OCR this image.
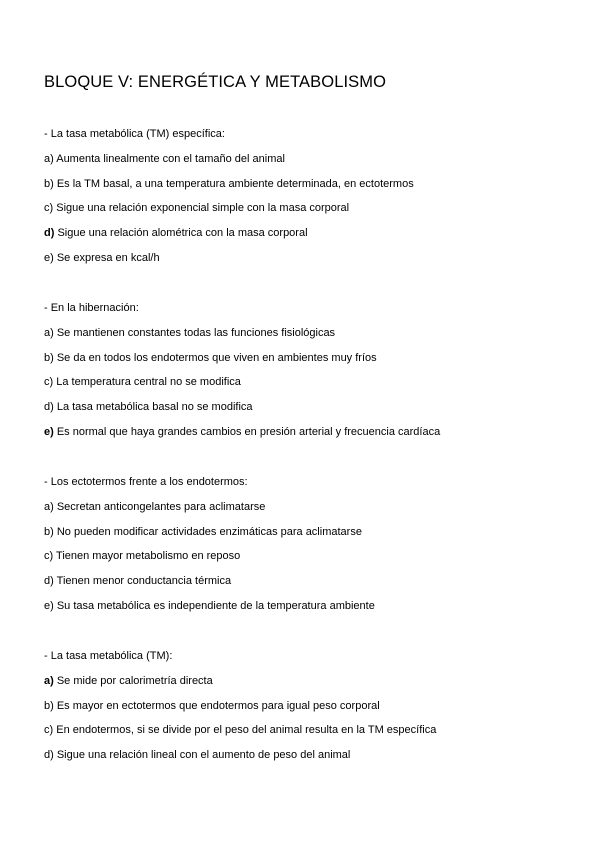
BLOQUE V: ENERGÉTICA Y METABOLISMO
- La tasa metabólica (TM) específica:
a) Aumenta linealmente con el tamaño del animal
b) Es la TM basal, a una temperatura ambiente determinada, en ectotermos
c) Sigue una relación exponencial simple con la masa corporal
d) Sigue una relación alométrica con la masa corporal
e) Se expresa en kcal/h
- En la hibernación:
a) Se mantienen constantes todas las funciones fisiológicas
b) Se da en todos los endotermos que viven en ambientes muy fríos
c) La temperatura central no se modifica
d) La tasa metabólica basal no se modifica
e) Es normal que haya grandes cambios en presión arterial y frecuencia cardíaca
- Los ectotermos frente a los endotermos:
a) Secretan anticongelantes para aclimatarse
b) No pueden modificar actividades enzimáticas para aclimatarse
c) Tienen mayor metabolismo en reposo
d) Tienen menor conductancia térmica
e) Su tasa metabólica es independiente de la temperatura ambiente
- La tasa metabólica (TM):
a) Se mide por calorimetría directa
b) Es mayor en ectotermos que endotermos para igual peso corporal
c) En endotermos, si se divide por el peso del animal resulta en la TM específica
d) Sigue una relación lineal con el aumento de peso del animal
